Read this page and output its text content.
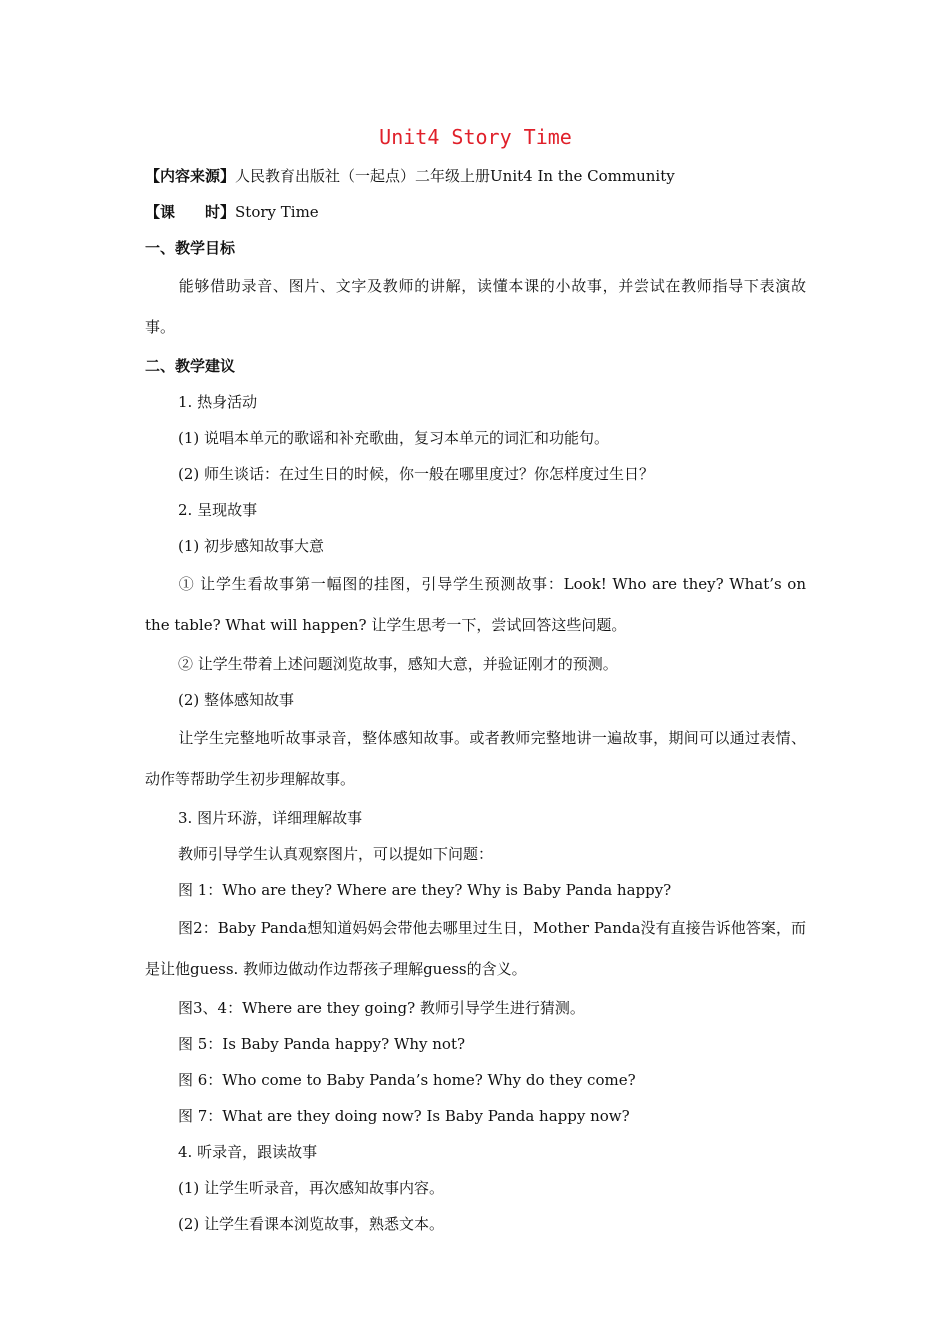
Unit4 Story Time
【内容来源】人民教育出版社（一起点）二年级上册Unit4 In the Community
【课　　时】Story Time
一、教学目标
能够借助录音、图片、文字及教师的讲解，读懂本课的小故事，并尝试在教师指导下表演故事。
二、教学建议
1. 热身活动
(1) 说唱本单元的歌谣和补充歌曲，复习本单元的词汇和功能句。
(2) 师生谈话：在过生日的时候，你一般在哪里度过？你怎样度过生日？
2. 呈现故事
(1) 初步感知故事大意
① 让学生看故事第一幅图的挂图，引导学生预测故事：Look! Who are they? What’s on the table? What will happen? 让学生思考一下，尝试回答这些问题。
② 让学生带着上述问题浏览故事，感知大意，并验证刚才的预测。
(2) 整体感知故事
让学生完整地听故事录音，整体感知故事。或者教师完整地讲一遍故事，期间可以通过表情、动作等帮助学生初步理解故事。
3. 图片环游，详细理解故事
教师引导学生认真观察图片，可以提如下问题：
图 1：Who are they? Where are they? Why is Baby Panda happy?
图2：Baby Panda想知道妈妈会带他去哪里过生日，Mother Panda没有直接告诉他答案，而是让他guess. 教师边做动作边帮孩子理解guess的含义。
图3、4：Where are they going? 教师引导学生进行猜测。
图 5：Is Baby Panda happy? Why not?
图 6：Who come to Baby Panda’s home? Why do they come?
图 7：What are they doing now? Is Baby Panda happy now?
4. 听录音，跟读故事
(1) 让学生听录音，再次感知故事内容。
(2) 让学生看课本浏览故事，熟悉文本。
